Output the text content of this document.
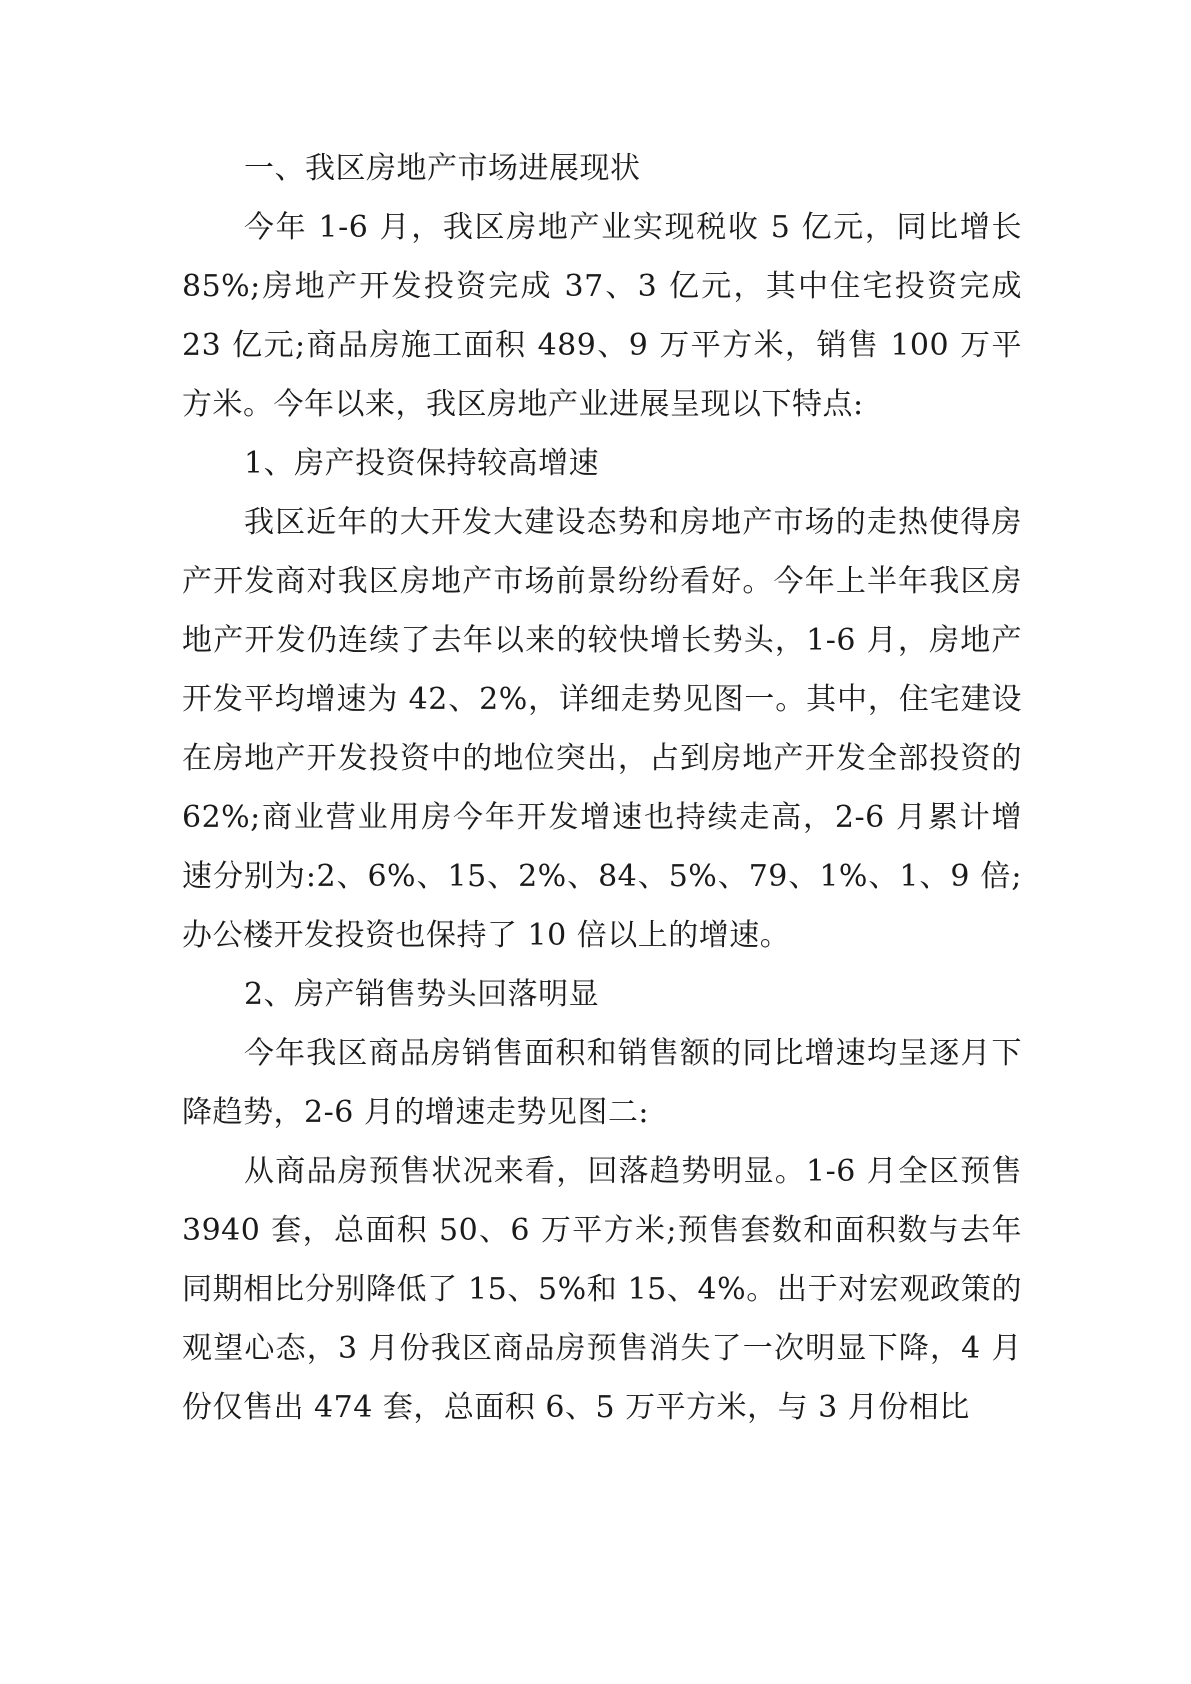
一、我区房地产市场进展现状

今年 1-6 月，我区房地产业实现税收 5 亿元，同比增长 85%;房地产开发投资完成 37、3 亿元，其中住宅投资完成 23 亿元;商品房施工面积 489、9 万平方米，销售 100 万平方米。今年以来，我区房地产业进展呈现以下特点:

1、房产投资保持较高增速

我区近年的大开发大建设态势和房地产市场的走热使得房产开发商对我区房地产市场前景纷纷看好。今年上半年我区房地产开发仍连续了去年以来的较快增长势头，1-6 月，房地产开发平均增速为 42、2%，详细走势见图一。其中，住宅建设在房地产开发投资中的地位突出，占到房地产开发全部投资的 62%;商业营业用房今年开发增速也持续走高，2-6 月累计增速分别为:2、6%、15、2%、84、5%、79、1%、1、9 倍;办公楼开发投资也保持了 10 倍以上的增速。

2、房产销售势头回落明显

今年我区商品房销售面积和销售额的同比增速均呈逐月下降趋势，2-6 月的增速走势见图二:

从商品房预售状况来看，回落趋势明显。1-6 月全区预售 3940 套，总面积 50、6 万平方米;预售套数和面积数与去年同期相比分别降低了 15、5%和 15、4%。出于对宏观政策的观望心态，3 月份我区商品房预售消失了一次明显下降，4 月份仅售出 474 套，总面积 6、5 万平方米，与 3 月份相比
